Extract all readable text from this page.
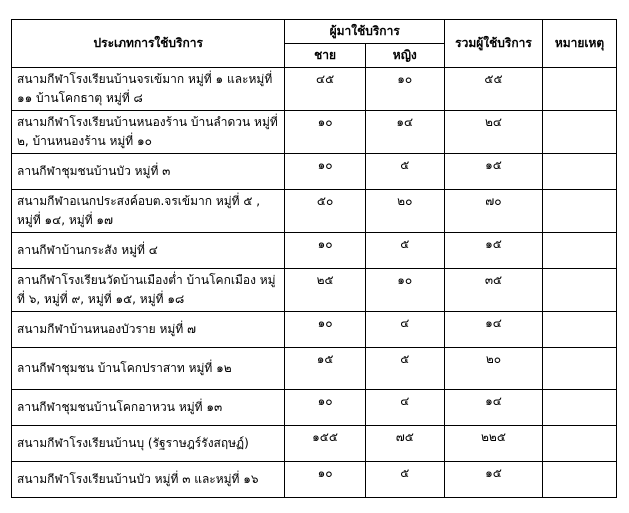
ประเภทการใช้บริการ	ผู้มาใช้บริการ		รวมผู้ใช้บริการ	หมายเหตุ
	ชาย	หญิง		
สนามกีฬาโรงเรียนบ้านจรเข้มาก หมู่ที่ ๑ และหมู่ที่ ๑๑ บ้านโคกธาตุ หมู่ที่ ๘	๔๕	๑๐	๕๕	
สนามกีฬาโรงเรียนบ้านหนองร้าน บ้านลำดวน หมู่ที่ ๒, บ้านหนองร้าน หมู่ที่ ๑๐	๑๐	๑๔	๒๔	
ลานกีฬาชุมชนบ้านบัว หมู่ที่ ๓	๑๐	๕	๑๕	
สนามกีฬาอเนกประสงค์อบต.จรเข้มาก หมู่ที่ ๕ , หมู่ที่ ๑๔, หมู่ที่ ๑๗	๕๐	๒๐	๗๐	
ลานกีฬาบ้านกระสัง หมู่ที่ ๔	๑๐	๕	๑๕	
ลานกีฬาโรงเรียนวัดบ้านเมืองต่ำ บ้านโคกเมือง หมู่ที่ ๖, หมู่ที่ ๙, หมู่ที่ ๑๕, หมู่ที่ ๑๘	๒๕	๑๐	๓๕	
สนามกีฬาบ้านหนองบัวราย หมู่ที่ ๗	๑๐	๔	๑๔	
ลานกีฬาชุมชน บ้านโคกปราสาท หมู่ที่ ๑๒	๑๕	๕	๒๐	
ลานกีฬาชุมชนบ้านโคกอาหวน หมู่ที่ ๑๓	๑๐	๔	๑๔	
สนามกีฬาโรงเรียนบ้านบุ (รัฐราษฎร์รังสฤษฏ์)	๑๕๕	๗๕	๒๒๕	
สนามกีฬาโรงเรียนบ้านบัว หมู่ที่ ๓ และหมู่ที่ ๑๖	๑๐	๕	๑๕	
